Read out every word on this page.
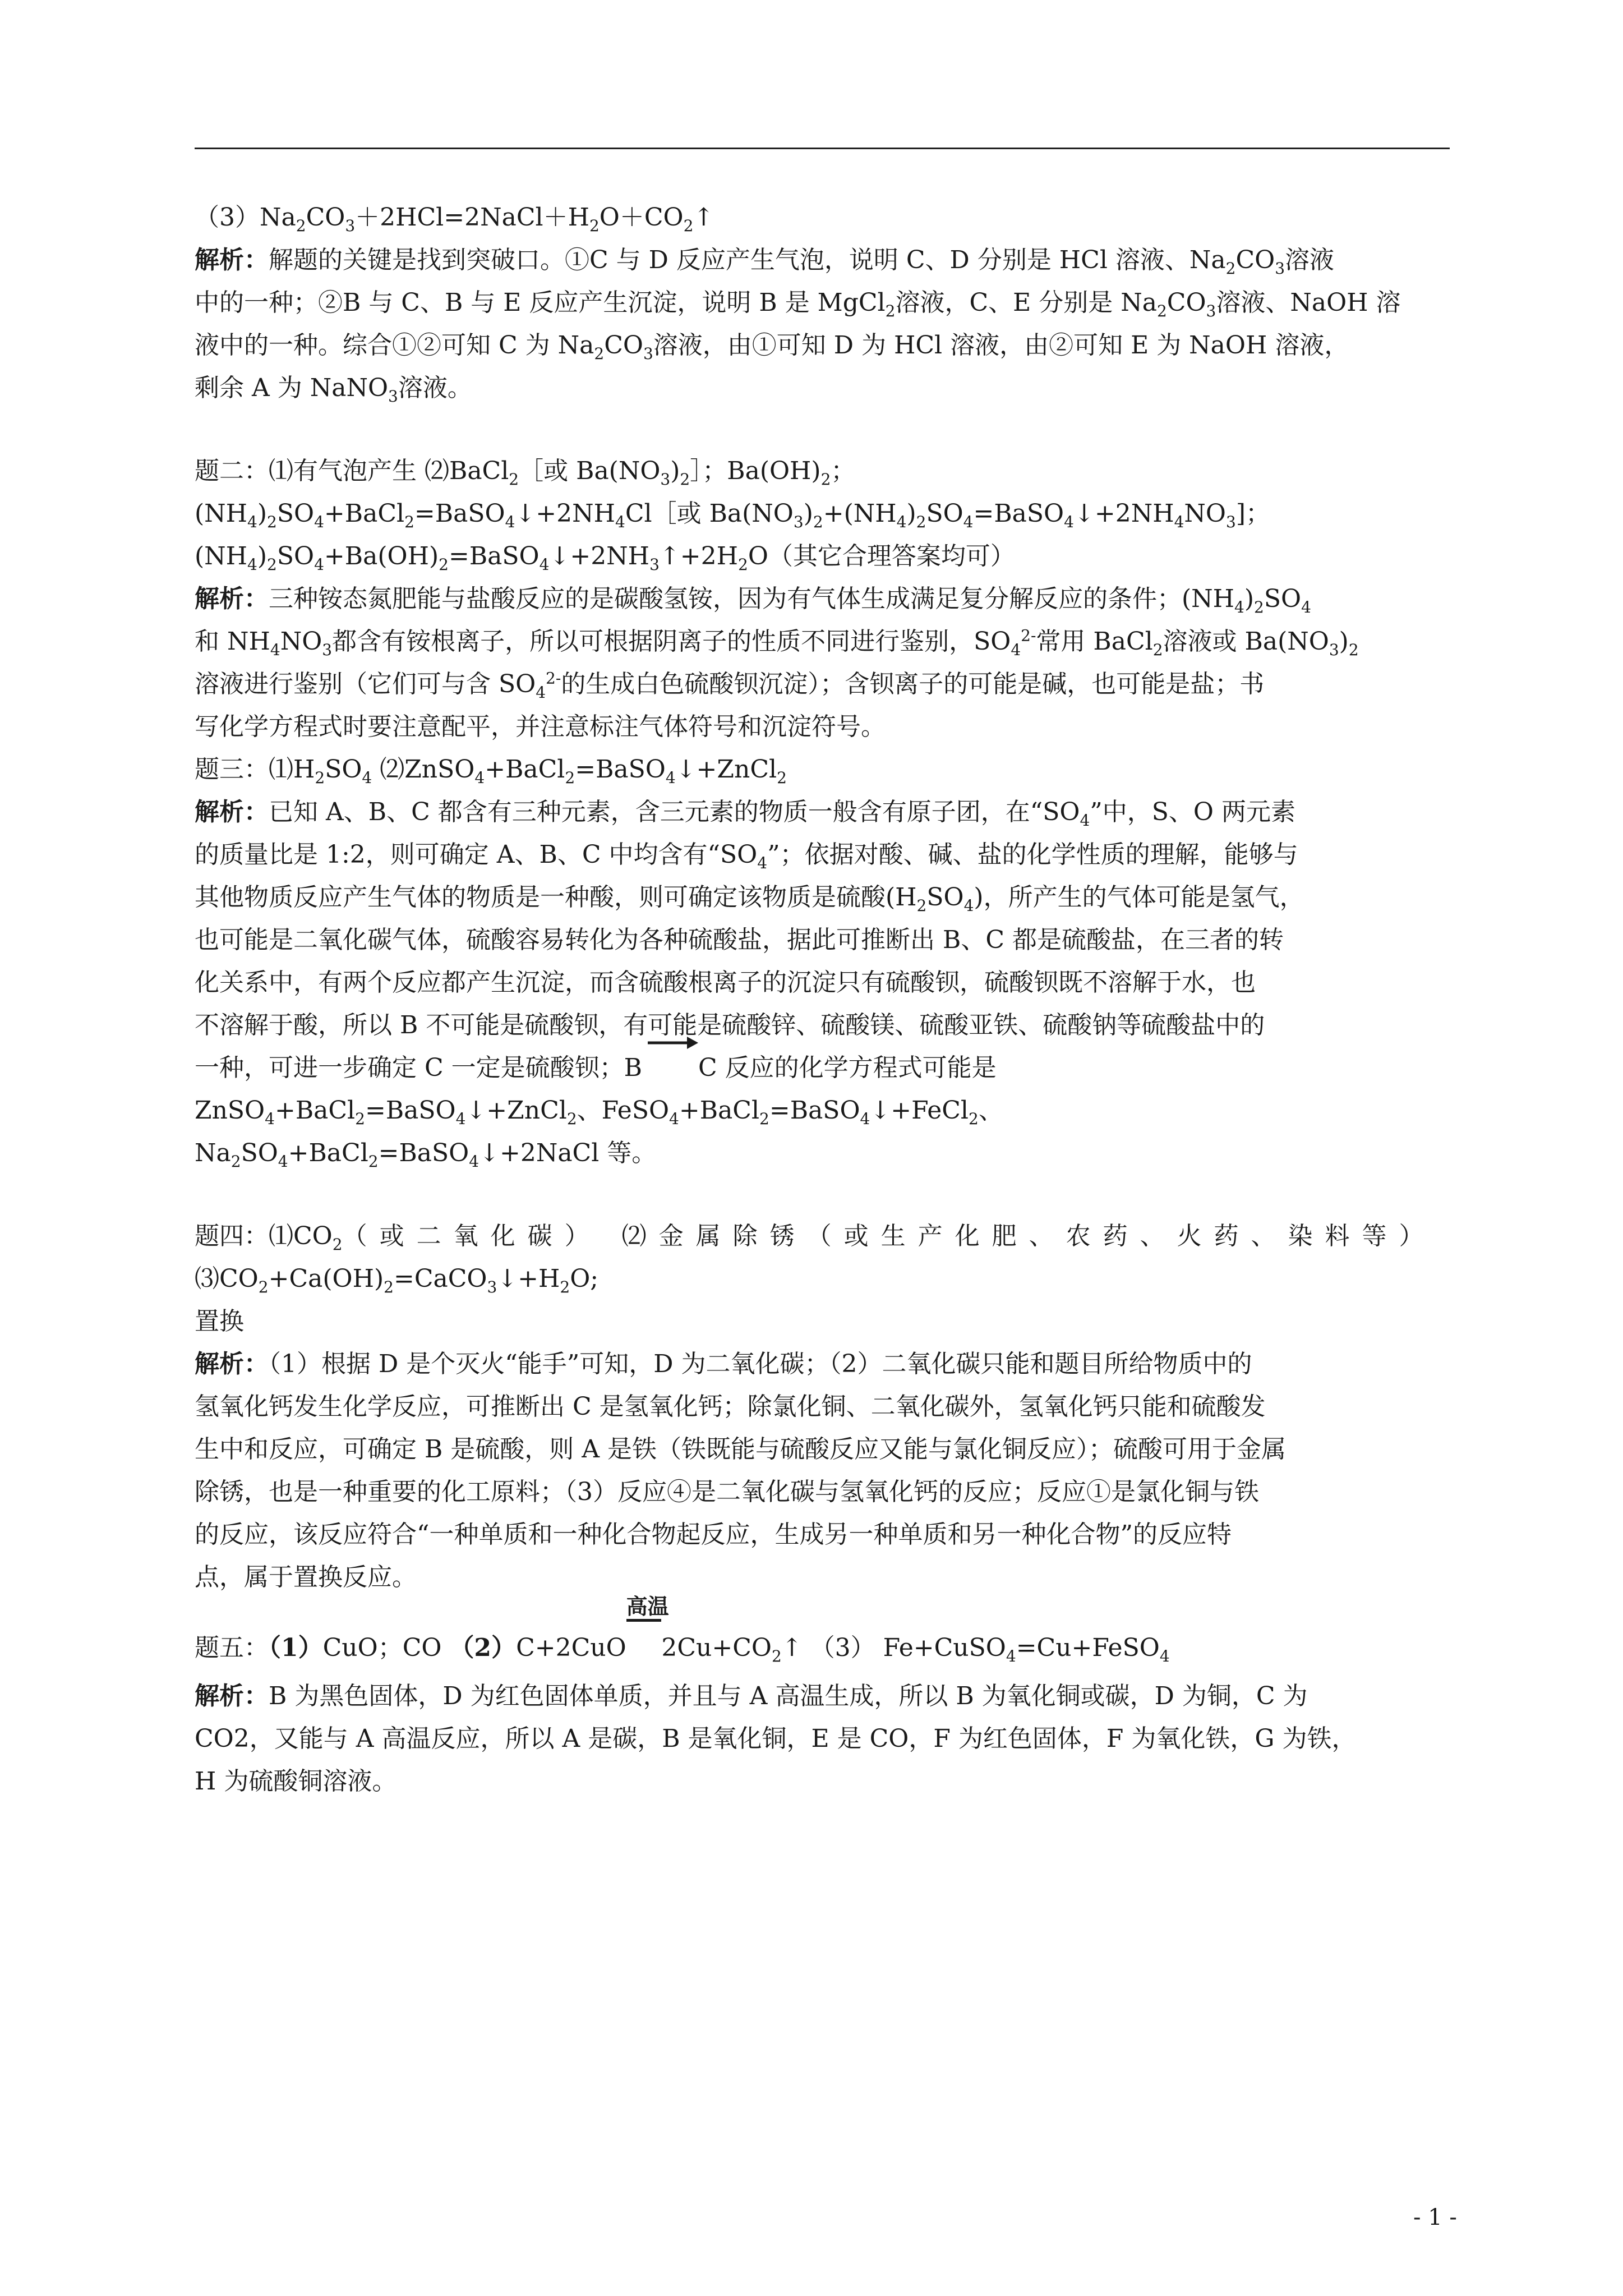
$(3)Na_2CO_3+2HCl=2NaCl+H_2O+CO_2↑$
解析：解题的关键是找到突破口。①C 与 D 反应产生气泡，说明 C、D 分别是 HCl 溶液、$Na_2CO_3$溶液
中的一种；②B 与 C、B 与 E 反应产生沉淀，说明 B 是 MgCl$_2$溶液，C、E 分别是 $Na_2CO_3$溶液、NaOH 溶
液中的一种。综合①②可知 C 为 $Na_2CO_3$溶液，由①可知 D 为 HCl 溶液，由②可知 E 为 NaOH 溶液，
剩余 A 为 NaNO$_3$溶液。
题二：⑴有气泡产生 ⑵BaCl$_2$［或 $Ba(NO_3)_2]$；$Ba(OH)_2$；
$(NH_4)_2SO_4+BaCl_2=BaSO_4↓+2NH_4Cl[$或 $Ba(NO_3)_2+(NH_4)_2SO_4=BaSO_4↓+2NH_4NO_3$]；
$(NH_4)_2SO_4+Ba(OH)_2=BaSO_4↓+2NH_3↑+2H_2O$（其它合理答案均可）
解析：三种铵态氮肥能与盐酸反应的是碳酸氢铵，因为有气体生成满足复分解反应的条件；$(NH_4)_2SO_4$
和 $NH_4NO_3$都含有铵根离子，所以可根据阴离子的性质不同进行鉴别，$SO_4^{2-}$常用 BaCl$_2$溶液或 $Ba(NO_3)_2$
溶液进行鉴别（它们可与含 $SO_4^{2-}$的生成白色硫酸钡沉淀）；含钡离子的可能是碱，也可能是盐；书
写化学方程式时要注意配平，并注意标注气体符号和沉淀符号。
题三：$⑴H_2SO_4$ ⑵ZnSO$_4$+BaCl$_2$=BaSO$_4$↓+ZnCl$_2$
解析：已知 A、B、C 都含有三种元素，含三元素的物质一般含有原子团，在“$SO_4$”中，S、O 两元素
的质量比是 1:2，则可确定 A、B、C 中均含有“$SO_4$”；依据对酸、碱、盐的化学性质的理解，能够与
其他物质反应产生气体的物质是一种酸，则可确定该物质是硫酸$(H_2SO_4)$，所产生的气体可能是氢气，
也可能是二氧化碳气体，硫酸容易转化为各种硫酸盐，据此可推断出 B、C 都是硫酸盐，在三者的转
化关系中，有两个反应都产生沉淀，而含硫酸根离子的沉淀只有硫酸钡，硫酸钡既不溶解于水，也
不溶解于酸，所以 B 不可能是硫酸钡，有可能是硫酸锌、硫酸镁、硫酸亚铁、硫酸钠等硫酸盐中的
一种，可进一步确定 C 一定是硫酸钡；B→C 反应的化学方程式可能是
ZnSO$_4$+BaCl$_2$=BaSO$_4$↓+ZnCl$_2$、FeSO$_4$+BaCl$_2$=BaSO$_4$↓+FeCl$_2$、
$Na_2SO_4+BaCl_2=BaSO_4↓+2NaCl$ 等。
题四：$⑴CO_2$（或二氧化碳） ⑵金属除锈（或生产化肥、农药、火药、染料等）
$⑶CO_2+Ca(OH)_2=CaCO_3↓+H_2O$;
置换
解析：（1）根据 D 是个灭火“能手”可知，D 为二氧化碳；（2）二氧化碳只能和题目所给物质中的
氢氧化钙发生化学反应，可推断出 C 是氢氧化钙；除氯化铜、二氧化碳外，氢氧化钙只能和硫酸发
生中和反应，可确定 B 是硫酸，则 A 是铁（铁既能与硫酸反应又能与氯化铜反应）；硫酸可用于金属
除锈，也是一种重要的化工原料；（3）反应④是二氧化碳与氢氧化钙的反应；反应①是氯化铜与铁
的反应，该反应符合“一种单质和一种化合物起反应，生成另一种单质和另一种化合物”的反应特
点，属于置换反应。
题五：（1）CuO；CO （2）C+2CuO
高温
$2Cu+CO_2↑$ （3） Fe+CuSO$_4$=Cu+FeSO$_4$
解析：B 为黑色固体，D 为红色固体单质，并且与 A 高温生成，所以 B 为氧化铜或碳，D 为铜，C 为
CO2，又能与 A 高温反应，所以 A 是碳，B 是氧化铜，E 是 CO，F 为红色固体，F 为氧化铁，G 为铁，
H 为硫酸铜溶液。
- 1 -
